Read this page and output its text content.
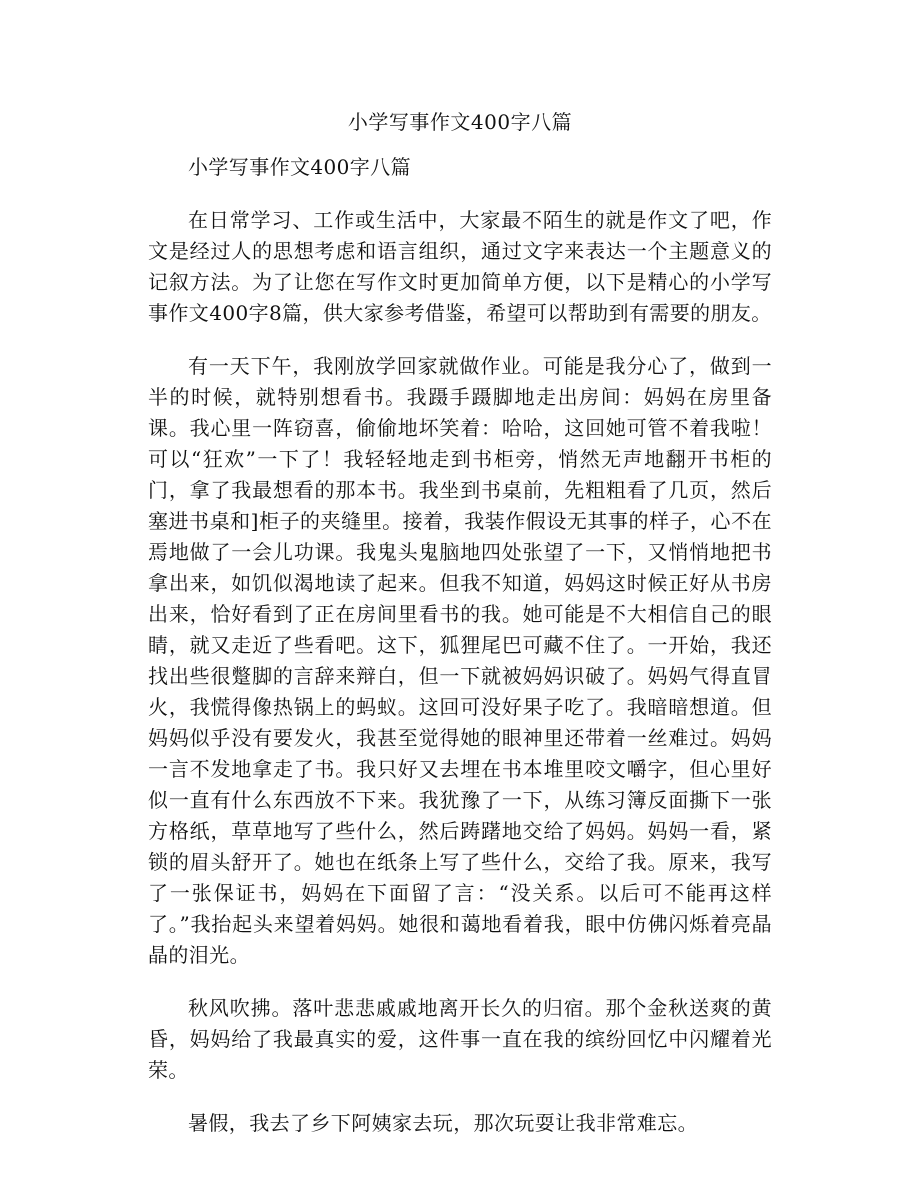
小学写事作文400字八篇

小学写事作文400字八篇

在日常学习、工作或生活中，大家最不陌生的就是作文了吧，作文是经过人的思想考虑和语言组织，通过文字来表达一个主题意义的记叙方法。为了让您在写作文时更加简单方便，以下是精心的小学写事作文400字8篇，供大家参考借鉴，希望可以帮助到有需要的朋友。

有一天下午，我刚放学回家就做作业。可能是我分心了，做到一半的时候，就特别想看书。我蹑手蹑脚地走出房间：妈妈在房里备课。我心里一阵窃喜，偷偷地坏笑着：哈哈，这回她可管不着我啦！可以“狂欢”一下了！我轻轻地走到书柜旁，悄然无声地翻开书柜的门，拿了我最想看的那本书。我坐到书桌前，先粗粗看了几页，然后塞进书桌和]柜子的夹缝里。接着，我装作假设无其事的样子，心不在焉地做了一会儿功课。我鬼头鬼脑地四处张望了一下，又悄悄地把书拿出来，如饥似渴地读了起来。但我不知道，妈妈这时候正好从书房出来，恰好看到了正在房间里看书的我。她可能是不大相信自己的眼睛，就又走近了些看吧。这下，狐狸尾巴可藏不住了。一开始，我还找出些很蹩脚的言辞来辩白，但一下就被妈妈识破了。妈妈气得直冒火，我慌得像热锅上的蚂蚁。这回可没好果子吃了。我暗暗想道。但妈妈似乎没有要发火，我甚至觉得她的眼神里还带着一丝难过。妈妈一言不发地拿走了书。我只好又去埋在书本堆里咬文嚼字，但心里好似一直有什么东西放不下来。我犹豫了一下，从练习簿反面撕下一张方格纸，草草地写了些什么，然后踌躇地交给了妈妈。妈妈一看，紧锁的眉头舒开了。她也在纸条上写了些什么，交给了我。原来，我写了一张保证书，妈妈在下面留了言：“没关系。以后可不能再这样了。”我抬起头来望着妈妈。她很和蔼地看着我，眼中仿佛闪烁着亮晶晶的泪光。

秋风吹拂。落叶悲悲戚戚地离开长久的归宿。那个金秋送爽的黄昏，妈妈给了我最真实的爱，这件事一直在我的缤纷回忆中闪耀着光荣。

暑假，我去了乡下阿姨家去玩，那次玩耍让我非常难忘。
